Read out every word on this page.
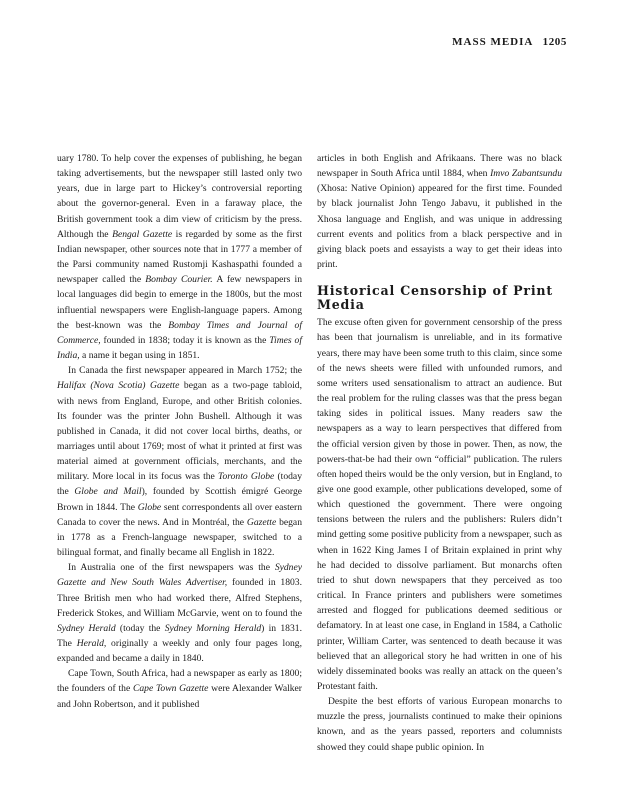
MASS MEDIA 1205

uary 1780. To help cover the expenses of publishing, he began taking advertisements, but the newspaper still lasted only two years, due in large part to Hickey’s controversial reporting about the governor-general. Even in a faraway place, the British government took a dim view of criticism by the press. Although the Bengal Gazette is regarded by some as the first Indian newspaper, other sources note that in 1777 a member of the Parsi community named Rustomji Kashaspathi founded a newspaper called the Bombay Courier. A few newspapers in local languages did begin to emerge in the 1800s, but the most influential newspapers were English-language papers. Among the best-known was the Bombay Times and Journal of Commerce, founded in 1838; today it is known as the Times of India, a name it began using in 1851.

In Canada the first newspaper appeared in March 1752; the Halifax (Nova Scotia) Gazette began as a two-page tabloid, with news from England, Europe, and other British colonies. Its founder was the printer John Bushell. Although it was published in Canada, it did not cover local births, deaths, or marriages until about 1769; most of what it printed at first was material aimed at government officials, merchants, and the military. More local in its focus was the Toronto Globe (today the Globe and Mail), founded by Scottish émigré George Brown in 1844. The Globe sent correspondents all over eastern Canada to cover the news. And in Montréal, the Gazette began in 1778 as a French-language newspaper, switched to a bilingual format, and finally became all English in 1822.

In Australia one of the first newspapers was the Sydney Gazette and New South Wales Advertiser, founded in 1803. Three British men who had worked there, Alfred Stephens, Frederick Stokes, and William McGarvie, went on to found the Sydney Herald (today the Sydney Morning Herald) in 1831. The Herald, originally a weekly and only four pages long, expanded and became a daily in 1840.

Cape Town, South Africa, had a newspaper as early as 1800; the founders of the Cape Town Gazette were Alexander Walker and John Robertson, and it published

articles in both English and Afrikaans. There was no black newspaper in South Africa until 1884, when Imvo Zabantsundu (Xhosa: Native Opinion) appeared for the first time. Founded by black journalist John Tengo Jabavu, it published in the Xhosa language and English, and was unique in addressing current events and politics from a black perspective and in giving black poets and essayists a way to get their ideas into print.

Historical Censorship of Print Media

The excuse often given for government censorship of the press has been that journalism is unreliable, and in its formative years, there may have been some truth to this claim, since some of the news sheets were filled with unfounded rumors, and some writers used sensationalism to attract an audience. But the real problem for the ruling classes was that the press began taking sides in political issues. Many readers saw the newspapers as a way to learn perspectives that differed from the official version given by those in power. Then, as now, the powers-that-be had their own “official” publication. The rulers often hoped theirs would be the only version, but in England, to give one good example, other publications developed, some of which questioned the government. There were ongoing tensions between the rulers and the publishers: Rulers didn’t mind getting some positive publicity from a newspaper, such as when in 1622 King James I of Britain explained in print why he had decided to dissolve parliament. But monarchs often tried to shut down newspapers that they perceived as too critical. In France printers and publishers were sometimes arrested and flogged for publications deemed seditious or defamatory. In at least one case, in England in 1584, a Catholic printer, William Carter, was sentenced to death because it was believed that an allegorical story he had written in one of his widely disseminated books was really an attack on the queen’s Protestant faith.

Despite the best efforts of various European monarchs to muzzle the press, journalists continued to make their opinions known, and as the years passed, reporters and columnists showed they could shape public opinion. In
